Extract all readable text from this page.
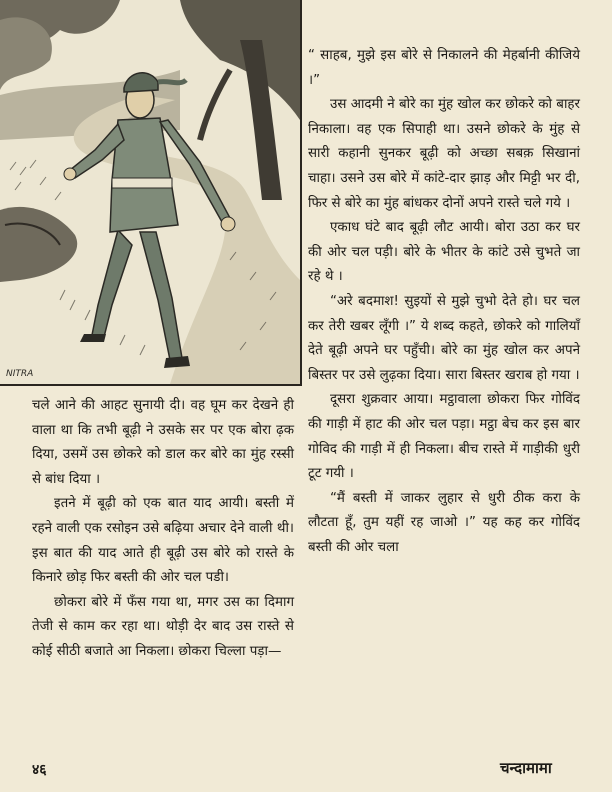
NITRA

“ साहब, मुझे इस बोरे से निकालने की मेहर्बानी कीजिये ।”

उस आदमी ने बोरे का मुंह खोल कर छोकरे को बाहर निकाला। वह एक सिपाही था। उसने छोकरे के मुंह से सारी कहानी सुनकर बूढ़ी को अच्छा सबक़ सिखानां चाहा। उसने उस बोरे में कांटे-दार झाड़ और मिट्टी भर दी, फिर से बोरे का मुंह बांधकर दोनों अपने रास्ते चले गये ।

एकाध घंटे बाद बूढ़ी लौट आयी। बोरा उठा कर घर की ओर चल पड़ी। बोरे के भीतर के कांटे उसे चुभते जा रहे थे ।

“अरे बदमाश! सुइयों से मुझे चुभो देते हो। घर चल कर तेरी खबर लूँगी ।” ये शब्द कहते, छोकरे को गालियाँ देते बूढ़ी अपने घर पहुँची। बोरे का मुंह खोल कर अपने बिस्तर पर उसे लुढ़का दिया। सारा बिस्तर खराब हो गया ।

दूसरा शुक्रवार आया। मट्ठावाला छोकरा फिर गोविंद की गाड़ी में हाट की ओर चल पड़ा। मट्ठा बेच कर इस बार गोविद की गाड़ी में ही निकला। बीच रास्ते में गाड़ीकी धुरी टूट गयी ।

“मैं बस्ती में जाकर लुहार से धुरी ठीक करा के लौटता हूँ, तुम यहीं रह जाओ ।” यह कह कर गोविंद बस्ती की ओर चला

चले आने की आहट सुनायी दी। वह घूम कर देखने ही वाला था कि तभी बूढ़ी ने उसके सर पर एक बोरा ढ़क दिया, उसमें उस छोकरे को डाल कर बोरे का मुंह रस्सी से बांध दिया ।

इतने में बूढ़ी को एक बात याद आयी। बस्ती में रहने वाली एक रसोइन उसे बढ़िया अचार देने वाली थी। इस बात की याद आते ही बूढ़ी उस बोरे को रास्ते के किनारे छोड़ फिर बस्ती की ओर चल पडी।

छोकरा बोरे में फँस गया था, मगर उस का दिमाग तेजी से काम कर रहा था। थोड़ी देर बाद उस रास्ते से कोई सीठी बजाते आ निकला। छोकरा चिल्ला पड़ा—

४६	चन्दामामा
